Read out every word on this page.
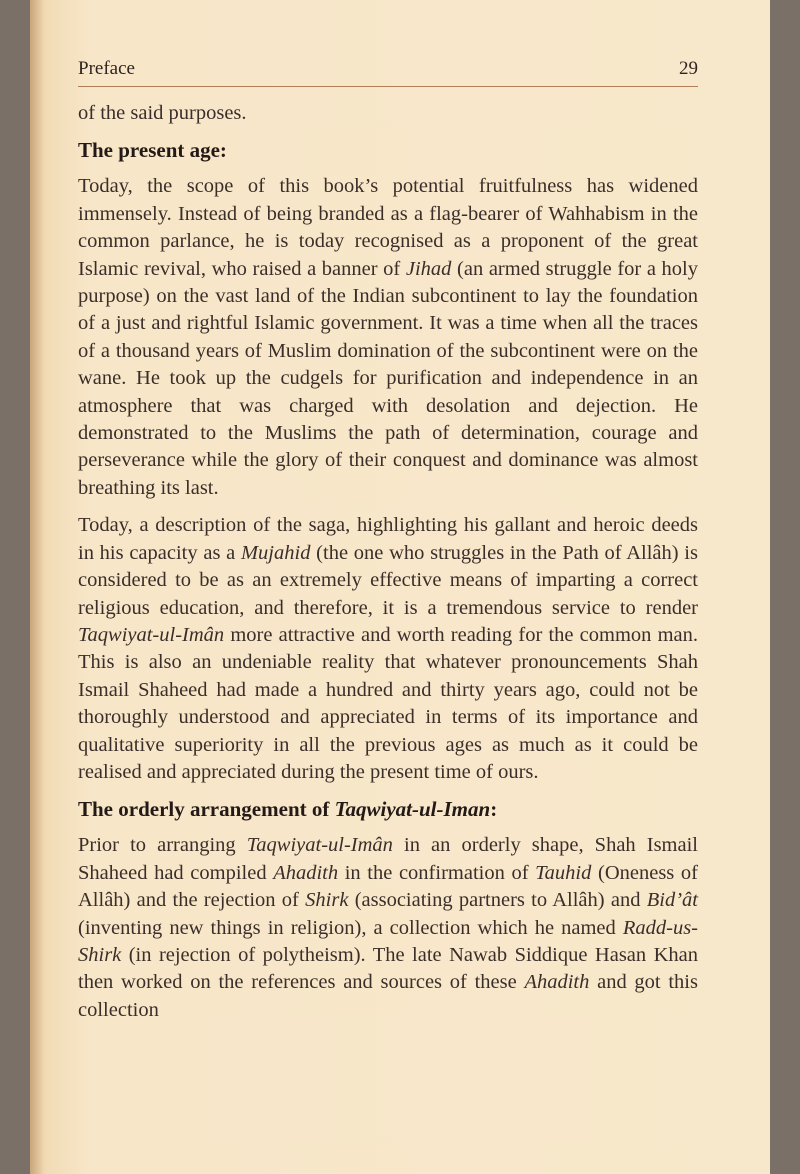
Preface	29

of the said purposes.

The present age:

Today, the scope of this book’s potential fruitfulness has widened immensely. Instead of being branded as a flag-bearer of Wahhabism in the common parlance, he is today recognised as a proponent of the great Islamic revival, who raised a banner of Jihad (an armed struggle for a holy purpose) on the vast land of the Indian subcontinent to lay the foundation of a just and rightful Islamic government. It was a time when all the traces of a thousand years of Muslim domination of the subcontinent were on the wane. He took up the cudgels for purification and independence in an atmosphere that was charged with desolation and dejection. He demonstrated to the Muslims the path of determination, courage and perseverance while the glory of their conquest and dominance was almost breathing its last.

Today, a description of the saga, highlighting his gallant and heroic deeds in his capacity as a Mujahid (the one who struggles in the Path of Allâh) is considered to be as an extremely effective means of imparting a correct religious education, and therefore, it is a tremendous service to render Taqwiyat-ul-Imân more attractive and worth reading for the common man. This is also an undeniable reality that whatever pronouncements Shah Ismail Shaheed had made a hundred and thirty years ago, could not be thoroughly understood and appreciated in terms of its importance and qualitative superiority in all the previous ages as much as it could be realised and appreciated during the present time of ours.

The orderly arrangement of Taqwiyat-ul-Iman:

Prior to arranging Taqwiyat-ul-Imân in an orderly shape, Shah Ismail Shaheed had compiled Ahadith in the confirmation of Tauhid (Oneness of Allâh) and the rejection of Shirk (associating partners to Allâh) and Bid’ât (inventing new things in religion), a collection which he named Radd-us-Shirk (in rejection of polytheism). The late Nawab Siddique Hasan Khan then worked on the references and sources of these Ahadith and got this collection
